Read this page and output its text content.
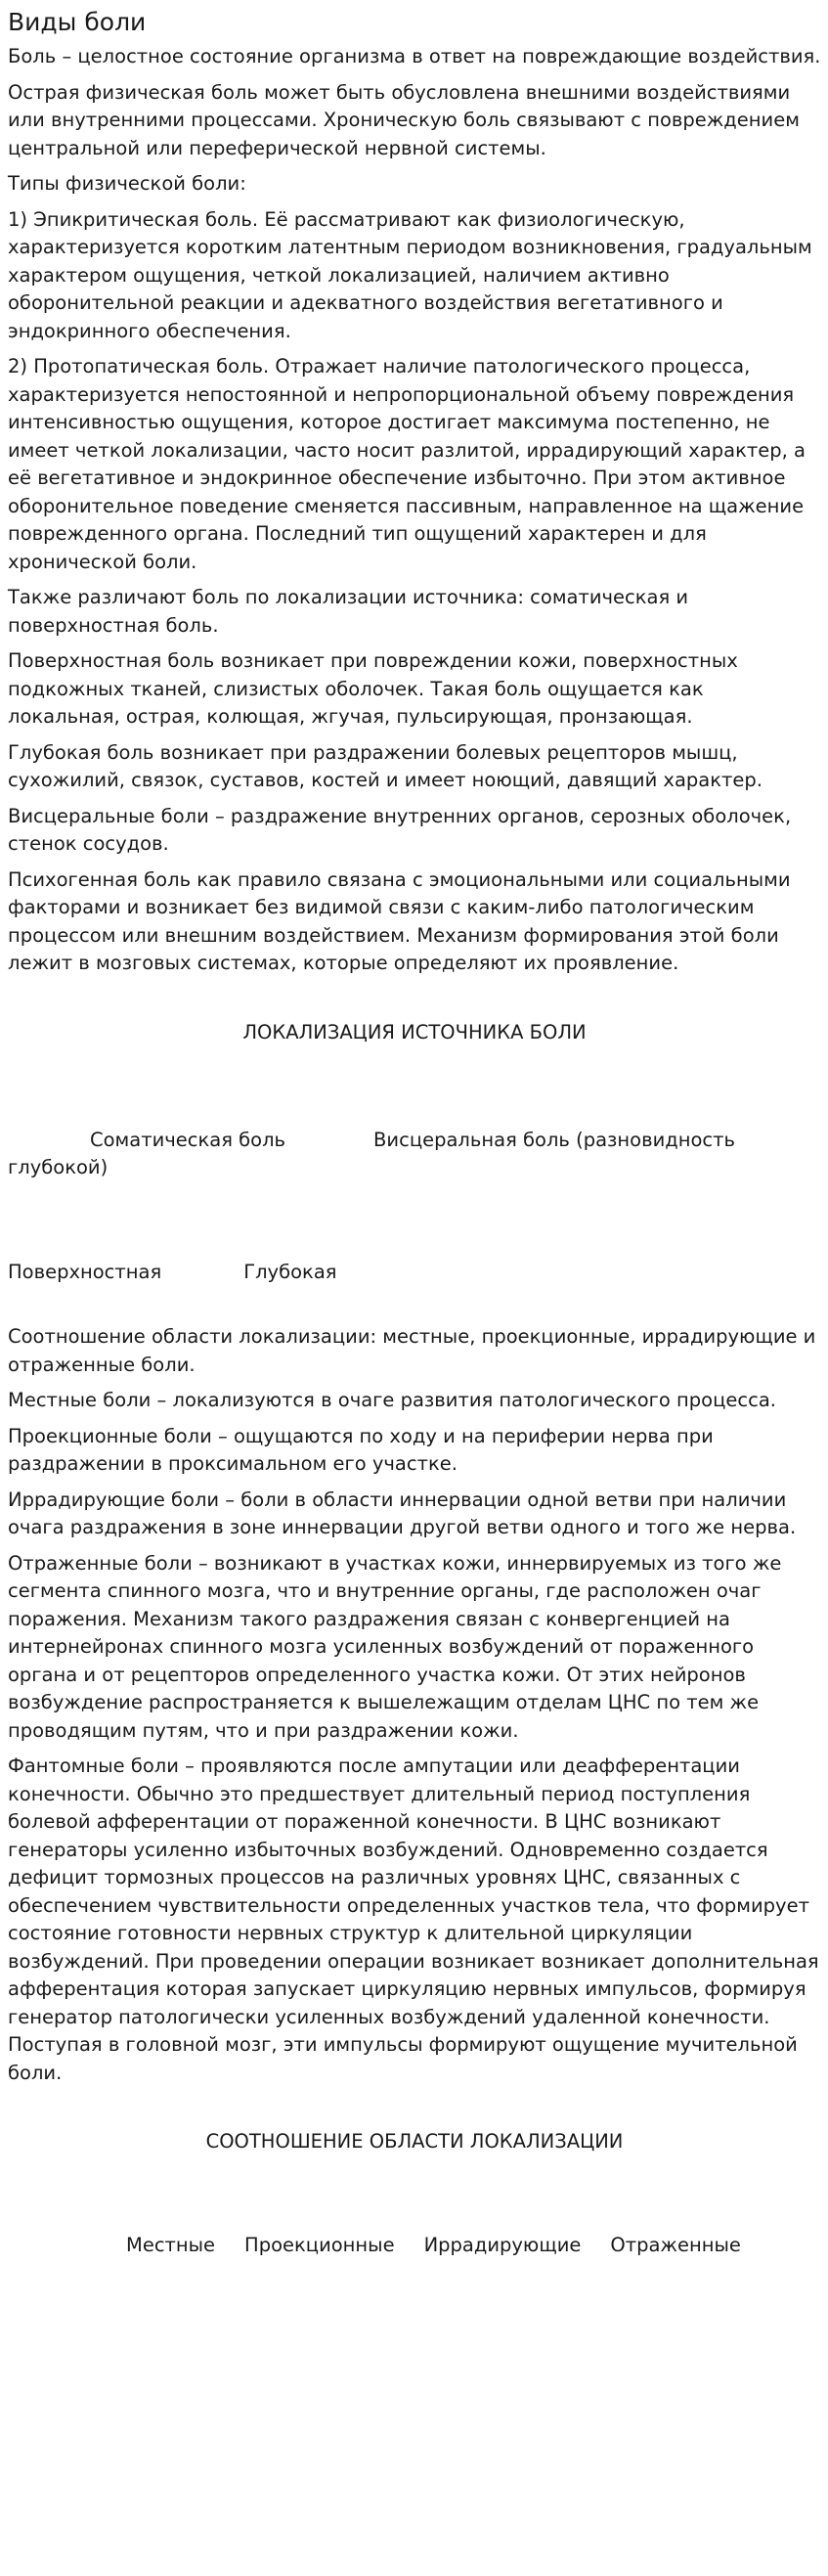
Виды боли

Боль – целостное состояние организма в ответ на повреждающие воздействия.

Острая физическая боль может быть обусловлена внешними воздействиями или внутренними процессами. Хроническую боль связывают с повреждением центральной или переферической нервной системы.

Типы физической боли:

1) Эпикритическая боль. Её рассматривают как физиологическую, характеризуется коротким латентным периодом возникновения, градуальным характером ощущения, четкой локализацией, наличием активно оборонительной реакции и адекватного воздействия вегетативного и эндокринного обеспечения.

2) Протопатическая боль. Отражает наличие патологического процесса, характеризуется непостоянной и непропорциональной объему повреждения интенсивностью ощущения, которое достигает максимума постепенно, не имеет четкой локализации, часто носит разлитой, иррадирующий характер, а её вегетативное и эндокринное обеспечение избыточно. При этом активное оборонительное поведение сменяется пассивным, направленное на щажение поврежденного органа. Последний тип ощущений характерен и для хронической боли.

Также различают боль по локализации источника: соматическая и поверхностная боль.

Поверхностная боль возникает при повреждении кожи, поверхностных подкожных тканей, слизистых оболочек. Такая боль ощущается как локальная, острая, колющая, жгучая, пульсирующая, пронзающая.

Глубокая боль возникает при раздражении болевых рецепторов мышц, сухожилий, связок, суставов, костей и имеет ноющий, давящий характер.

Висцеральные боли – раздражение внутренних органов, серозных оболочек, стенок сосудов.

Психогенная боль как правило связана с эмоциональными или социальными факторами и возникает без видимой связи с каким-либо патологическим процессом или внешним воздействием. Механизм формирования этой боли лежит в мозговых системах, которые определяют их проявление.

ЛОКАЛИЗАЦИЯ ИСТОЧНИКА БОЛИ

Соматическая боль	Висцеральная боль (разновидность глубокой)

Поверхностная	Глубокая

Соотношение области локализации: местные, проекционные, иррадирующие и отраженные боли.

Местные боли – локализуются в очаге развития патологического процесса.

Проекционные боли – ощущаются по ходу и на периферии нерва при раздражении в проксимальном его участке.

Иррадирующие боли – боли в области иннервации одной ветви при наличии очага раздражения в зоне иннервации другой ветви одного и того же нерва.

Отраженные боли – возникают в участках кожи, иннервируемых из того же сегмента спинного мозга, что и внутренние органы, где расположен очаг поражения. Механизм такого раздражения связан с конвергенцией на интернейронах спинного мозга усиленных возбуждений от пораженного органа и от рецепторов определенного участка кожи. От этих нейронов возбуждение распространяется к вышележащим отделам ЦНС по тем же проводящим путям, что и при раздражении кожи.

Фантомные боли – проявляются после ампутации или деафферентации конечности. Обычно это предшествует длительный период поступления болевой афферентации от пораженной конечности. В ЦНС возникают генераторы усиленно избыточных возбуждений. Одновременно создается дефицит тормозных процессов на различных уровнях ЦНС, связанных с обеспечением чувствительности определенных участков тела, что формирует состояние готовности нервных структур к длительной циркуляции возбуждений. При проведении операции возникает возникает дополнительная афферентация которая запускает циркуляцию нервных импульсов, формируя генератор патологически усиленных возбуждений удаленной конечности. Поступая в головной мозг, эти импульсы формируют ощущение мучительной боли.

СООТНОШЕНИЕ ОБЛАСТИ ЛОКАЛИЗАЦИИ

Местные Проекционные Иррадирующие Отраженные
